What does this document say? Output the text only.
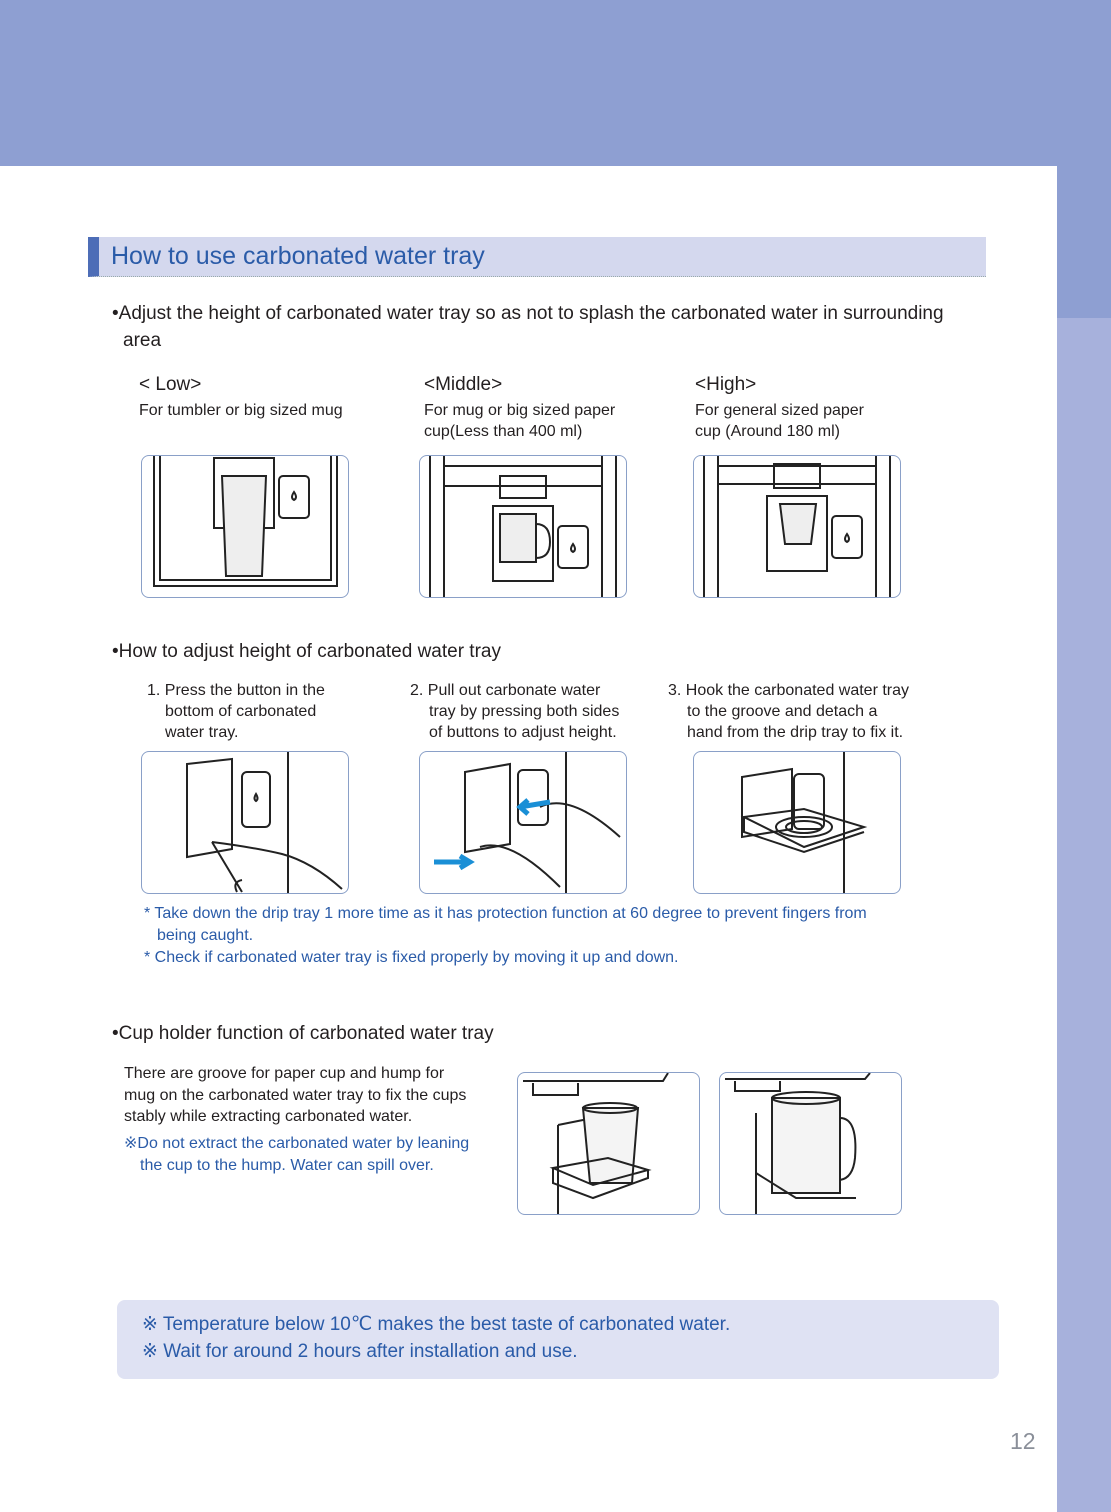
How to use carbonated water tray
•Adjust the height of carbonated water tray so as not to splash the carbonated water in surrounding
area
< Low>
For tumbler or big sized mug
<Middle>
For mug or big sized paper
cup(Less than 400 ml)
<High>
For general sized paper
cup (Around 180 ml)
•How to adjust height of carbonated water tray
1. Press the button in the
bottom of carbonated
water tray.
2. Pull out carbonate water
tray by pressing both sides
of buttons to adjust height.
3. Hook the carbonated water tray
to the groove and detach a
hand from the drip tray to fix it.
* Take down the drip tray 1 more time as it has protection function at 60 degree to prevent fingers from
being caught.
* Check if carbonated water tray is fixed properly by moving it up and down.
•Cup holder function of carbonated water tray
There are groove for paper cup and hump for
mug on the carbonated water tray to fix the cups
stably while extracting carbonated water.
※Do not extract the carbonated water by leaning
the cup to the hump. Water can spill over.
※ Temperature below 10℃ makes the best taste of carbonated water.
※ Wait for around 2 hours after installation and use.
12
